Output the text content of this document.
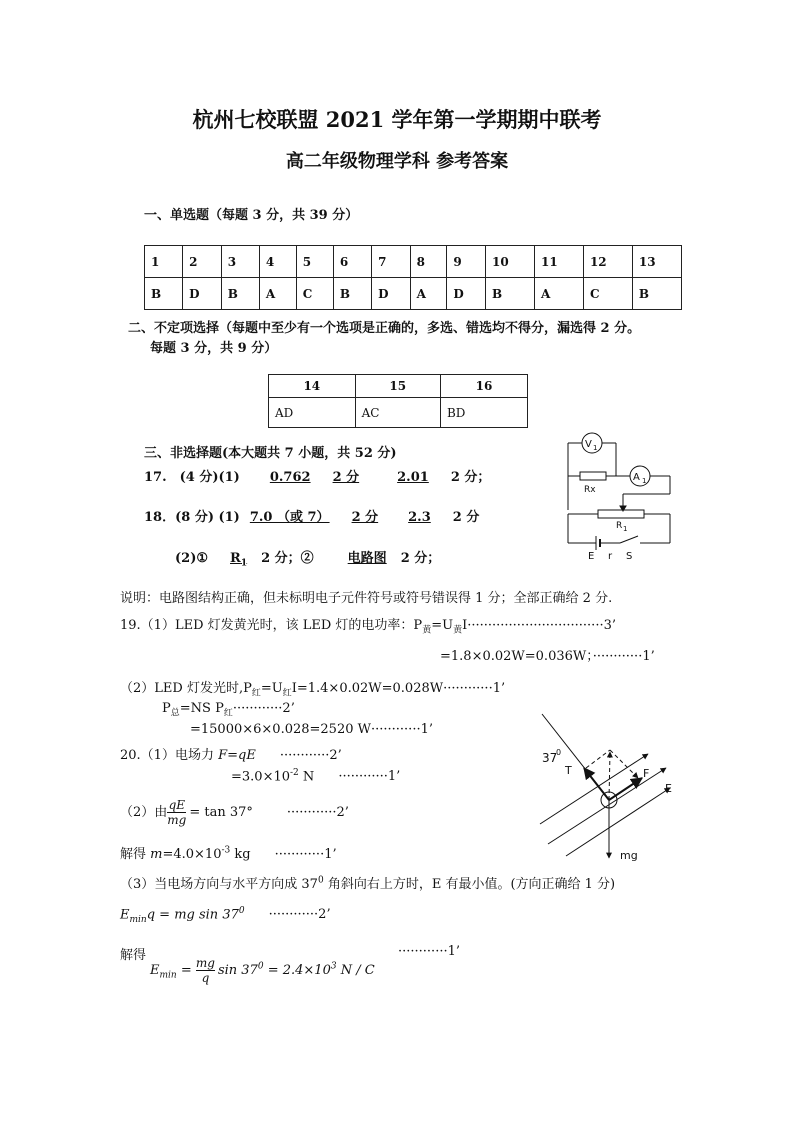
杭州七校联盟 2021 学年第一学期期中联考
高二年级物理学科 参考答案
一、单选题（每题 3 分，共 39 分）
1	2	3	4	5	6	7	8	9	10	11	12	13
B	D	B	A	C	B	D	A	D	B	A	C	B
二、不定项选择（每题中至少有一个选项是正确的，多选、错选均不得分，漏选得 2 分。
每题 3 分，共 9 分）
14	15	16
AD	AC	BD
三、非选择题(本大题共 7 小题，共 52 分)
17.　(4 分)(1) 0.762 2 分	2.01 2 分；
18．(8 分) (1) 7.0 （或 7） 2 分 2.3 2 分
(2)① $R_1$ 2 分；②	电路图 2 分；
说明：电路图结构正确，但未标明电子元件符号或符号错误得 1 分；全部正确给 2 分.
19.（1）LED 灯发黄光时，该 LED 灯的电功率：$P_黄=U_黄I\cdot\cdot\cdot\cdot\cdot\cdot\cdot\cdot\cdot\cdot\cdot\cdot\cdot\cdot\cdot\cdot\cdot\cdot\cdot\cdot\cdot\cdot\cdot\cdot\cdot\cdot\cdot\cdot\cdot\cdot\cdot\cdot\cdot 3$’
=1.8×0.02W=0.036W；············1’
（2）LED 灯发光时$,P_红=U_红I=1.4\times 0.02W=0.028W\cdot\cdot\cdot\cdot\cdot\cdot\cdot\cdot\cdot\cdot\cdot\cdot 1$’
$P_总=NS$ $P_红\cdot\cdot\cdot\cdot\cdot\cdot\cdot\cdot\cdot\cdot\cdot\cdot 2$’
=15000×6×0.028=2520 W············1’
20.（1）电场力 F=qE ············2’
$=3.0\times 10^{-2}$ N ············1’
（2）由 $\frac{qE}{mg} = \tan 37^\circ$	············2’
解得 $m=4.0\times 10^{-3}$ kg ············1’
（3）当电场方向与水平方向成 $37^0$ 角斜向右上方时，E 有最小值。(方向正确给 1 分)
$E_{min}q$ = mg $\sin 37^0 \cdot\cdot\cdot\cdot\cdot\cdot\cdot\cdot\cdot\cdot\cdot\cdot 2$’
解得	············1’
$E_{min} = \frac{mg}{q}$ $\sin 37^0 = 2.4\times 10^3$ N / C
V 1
Rx
A 1
R 1
E r S
37
0
T	F
E
mg
